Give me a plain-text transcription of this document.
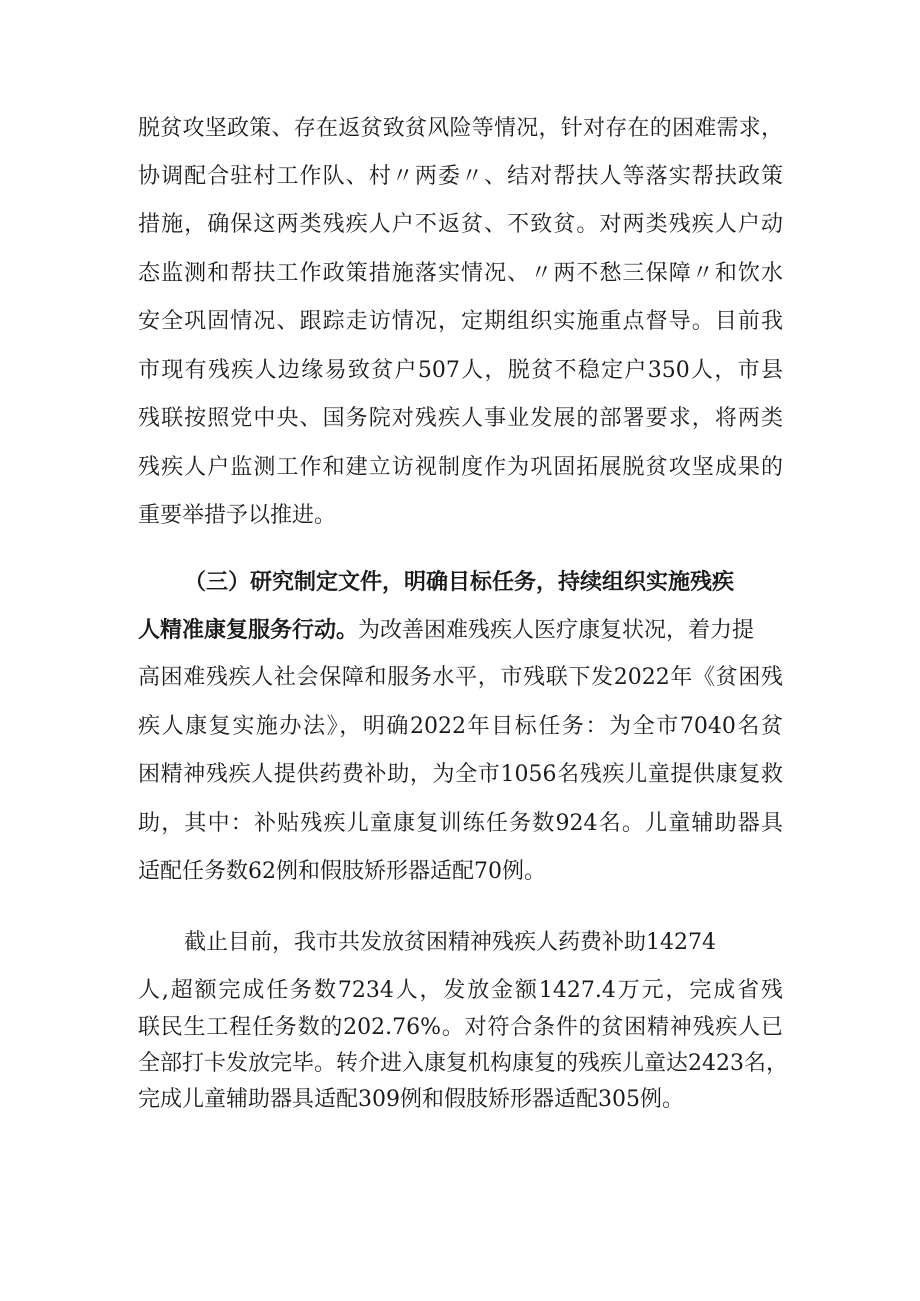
脱贫攻坚政策、存在返贫致贫风险等情况，针对存在的困难需求，
协调配合驻村工作队、村〃两委〃、结对帮扶人等落实帮扶政策
措施，确保这两类残疾人户不返贫、不致贫。对两类残疾人户动
态监测和帮扶工作政策措施落实情况、〃两不愁三保障〃和饮水
安全巩固情况、跟踪走访情况，定期组织实施重点督导。目前我
市现有残疾人边缘易致贫户507人，脱贫不稳定户350人，市县
残联按照党中央、国务院对残疾人事业发展的部署要求，将两类
残疾人户监测工作和建立访视制度作为巩固拓展脱贫攻坚成果的
重要举措予以推进。
（三）研究制定文件，明确目标任务，持续组织实施残疾
人精准康复服务行动。为改善困难残疾人医疗康复状况，着力提
高困难残疾人社会保障和服务水平，市残联下发2022年《贫困残
疾人康复实施办法》，明确2022年目标任务：为全市7040名贫
困精神残疾人提供药费补助，为全市1056名残疾儿童提供康复救
助，其中：补贴残疾儿童康复训练任务数924名。儿童辅助器具
适配任务数62例和假肢矫形器适配70例。
截止目前，我市共发放贫困精神残疾人药费补助14274
人,超额完成任务数7234人，发放金额1427.4万元，完成省残
联民生工程任务数的202.76%。对符合条件的贫困精神残疾人已
全部打卡发放完毕。转介进入康复机构康复的残疾儿童达2423名，
完成儿童辅助器具适配309例和假肢矫形器适配305例。
